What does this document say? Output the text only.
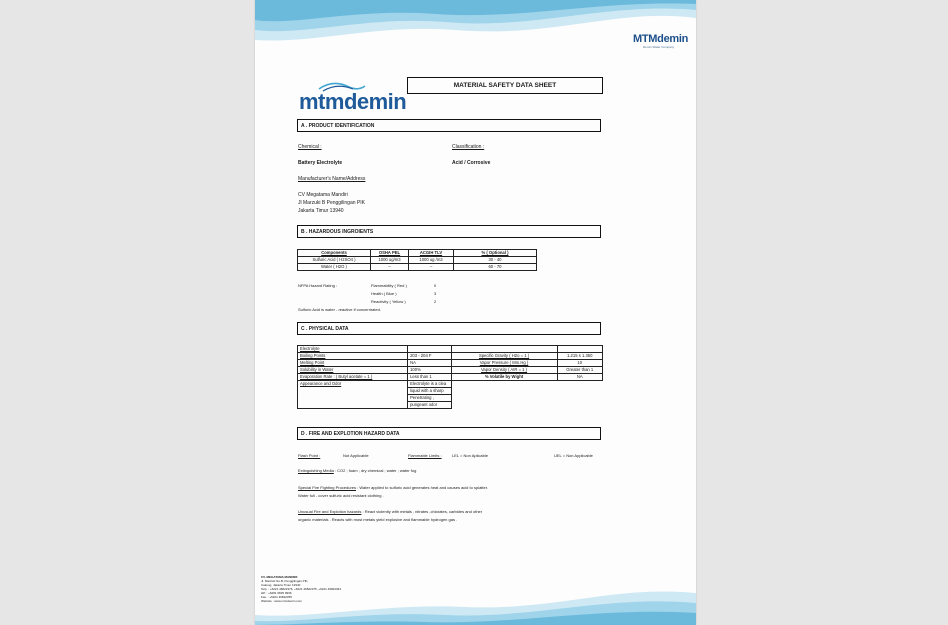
MTMdemin
Demin Water Company
mtmdemin
MATERIAL SAFETY DATA SHEET
A . PRODUCT IDENTIFICATION
Chemical :	Classification :
Battery Electrolyte	Acid / Corrosive
Manufacturer's Name/Address
CV Megatama Mandiri
Jl Marzuki B Penggilingan PIK
Jakarta Timur 13940
B . HAZARDOUS INGROIENTS
Components	OSHA PEL	ACGIH TLV	% ( Optional )
Sulfuric Acid ( H2SO4 )	1000 ug/m3	1000 ug /m3	30 - 40
Water ( H2O )	--	--	60 - 70
NFPA Hazard Rating :	Flammability ( Red )	0
Health ( Blue )	3
Reactivity ( Yellow )	2
Sulfuric Acid is water - reactive if concentrated.
C . PHYSICAL DATA
Electrolyte			
Boiling Points	203 - 204 F	Specific Gravity ( H2o = 1 )	1.215 s 1.350
Melting Point	NA	Vapor Pressure ( Mm.Hg )	10
Solubility in Water	100%	Vapor Density ( AIR = 1 )	Greater than 1
Evaporation Rate : ( Butyl acetate = 1 )	Less than 1	% Volatile by Wight	NA
Appearance and Odor	Electrolyte is a clea		
	liquid with a sharp		
	Penetrating ,		
	pungeant odor		
D . FIRE AND EXPLOTION HAZARD DATA
Flash Point :	Not Applicable	Flammable Limits :	LEL = Non Aplicable	UEL = Non Applicable
Extinguishing Media : CO2 ; foam ; dry chemical ; water ; water fog
Special Fire Fighting Procedures : Water applied to sulfuric acid generates heat and causes acid to splatter.
Water full - cover sulfuric acid resistant clothing .
Unusual Fire and Explotion hazards : React violently with metals , nitrates ,chlorates, carbides and other
organic materials . Reacts with most metals yield explosive and flammable hydrogen gas .
CV. MEGATAMA MANDIRI
Jl. Marzuki No.B, Penggilingan PIK,
Cakung, Jakarta Timur 13940
Telp. : +6221 46822376, +6221 46822375, +6221 46822364
HP. : +6281 6825 9996
Fax. : +6221 46822355
Website : www.mtmdemin.com
